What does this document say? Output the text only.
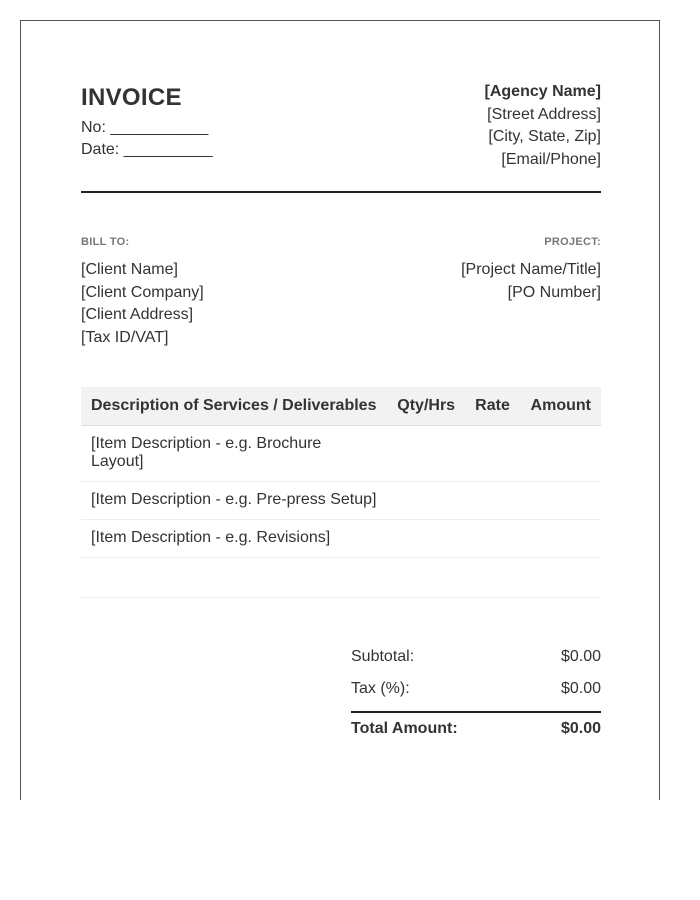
INVOICE
No: ___________
Date: __________
[Agency Name]
[Street Address]
[City, State, Zip]
[Email/Phone]
BILL TO:
[Client Name]
[Client Company]
[Client Address]
[Tax ID/VAT]
PROJECT:
[Project Name/Title]
[PO Number]
Description of Services / Deliverables	Qty/Hrs	Rate	Amount
[Item Description - e.g. Brochure Layout]			
[Item Description - e.g. Pre-press Setup]			
[Item Description - e.g. Revisions]			

Subtotal:	$0.00
Tax (%):	$0.00
Total Amount:	$0.00
